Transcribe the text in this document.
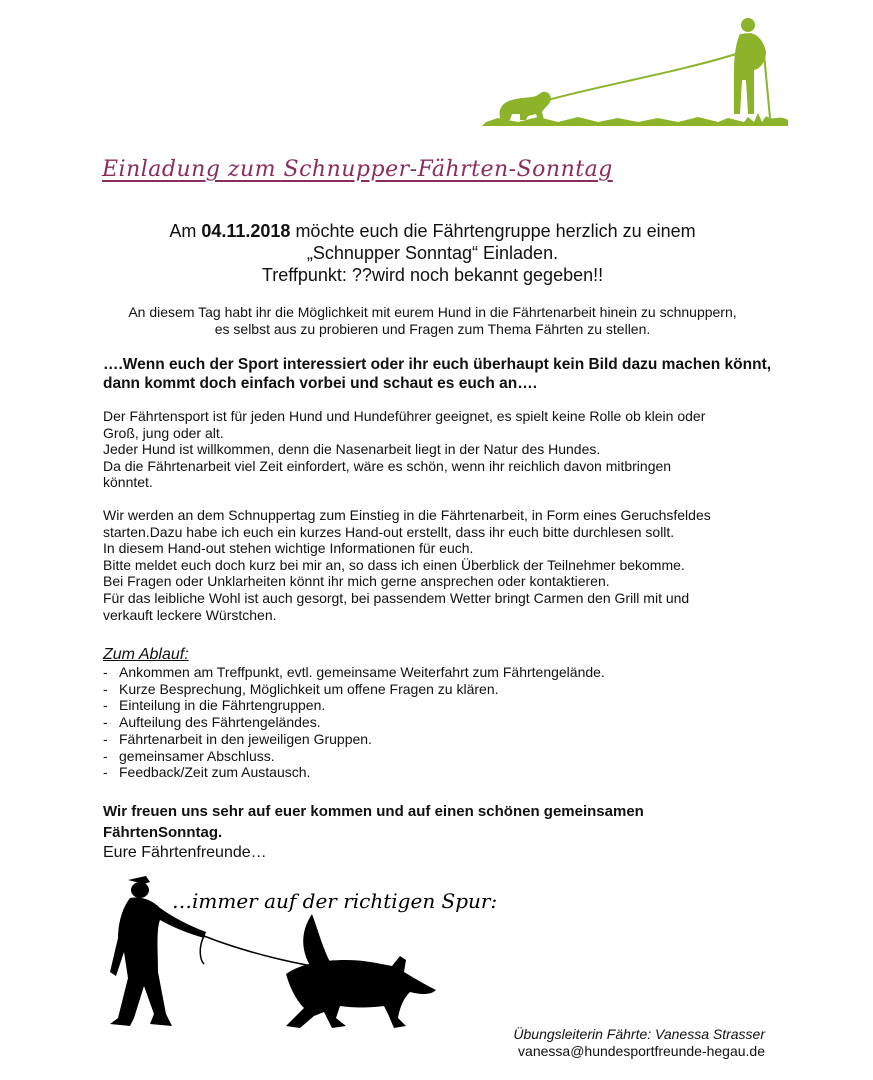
Einladung zum Schnupper-Fährten-Sonntag
Am 04.11.2018 möchte euch die Fährtengruppe herzlich zu einem
„Schnupper Sonntag“ Einladen.
Treffpunkt: ??wird noch bekannt gegeben!!
An diesem Tag habt ihr die Möglichkeit mit eurem Hund in die Fährtenarbeit hinein zu schnuppern,
es selbst aus zu probieren und Fragen zum Thema Fährten zu stellen.
….Wenn euch der Sport interessiert oder ihr euch überhaupt kein Bild dazu machen könnt, dann kommt doch einfach vorbei und schaut es euch an….
Der Fährtensport ist für jeden Hund und Hundeführer geeignet, es spielt keine Rolle ob klein oder
Groß, jung oder alt.
Jeder Hund ist willkommen, denn die Nasenarbeit liegt in der Natur des Hundes.
Da die Fährtenarbeit viel Zeit einfordert, wäre es schön, wenn ihr reichlich davon mitbringen
könntet.
Wir werden an dem Schnuppertag zum Einstieg in die Fährtenarbeit, in Form eines Geruchsfeldes
starten.Dazu habe ich euch ein kurzes Hand-out erstellt, dass ihr euch bitte durchlesen sollt.
In diesem Hand-out stehen wichtige Informationen für euch.
Bitte meldet euch doch kurz bei mir an, so dass ich einen Überblick der Teilnehmer bekomme.
Bei Fragen oder Unklarheiten könnt ihr mich gerne ansprechen oder kontaktieren.
Für das leibliche Wohl ist auch gesorgt, bei passendem Wetter bringt Carmen den Grill mit und
verkauft leckere Würstchen.
Zum Ablauf:
- Ankommen am Treffpunkt, evtl. gemeinsame Weiterfahrt zum Fährtengelände.
- Kurze Besprechung, Möglichkeit um offene Fragen zu klären.
- Einteilung in die Fährtengruppen.
- Aufteilung des Fährtengeländes.
- Fährtenarbeit in den jeweiligen Gruppen.
- gemeinsamer Abschluss.
- Feedback/Zeit zum Austausch.
Wir freuen uns sehr auf euer kommen und auf einen schönen gemeinsamen FährtenSonntag.
Eure Fährtenfreunde…
…immer auf der richtigen Spur:
Übungsleiterin Fährte: Vanessa Strasser
vanessa@hundesportfreunde-hegau.de
